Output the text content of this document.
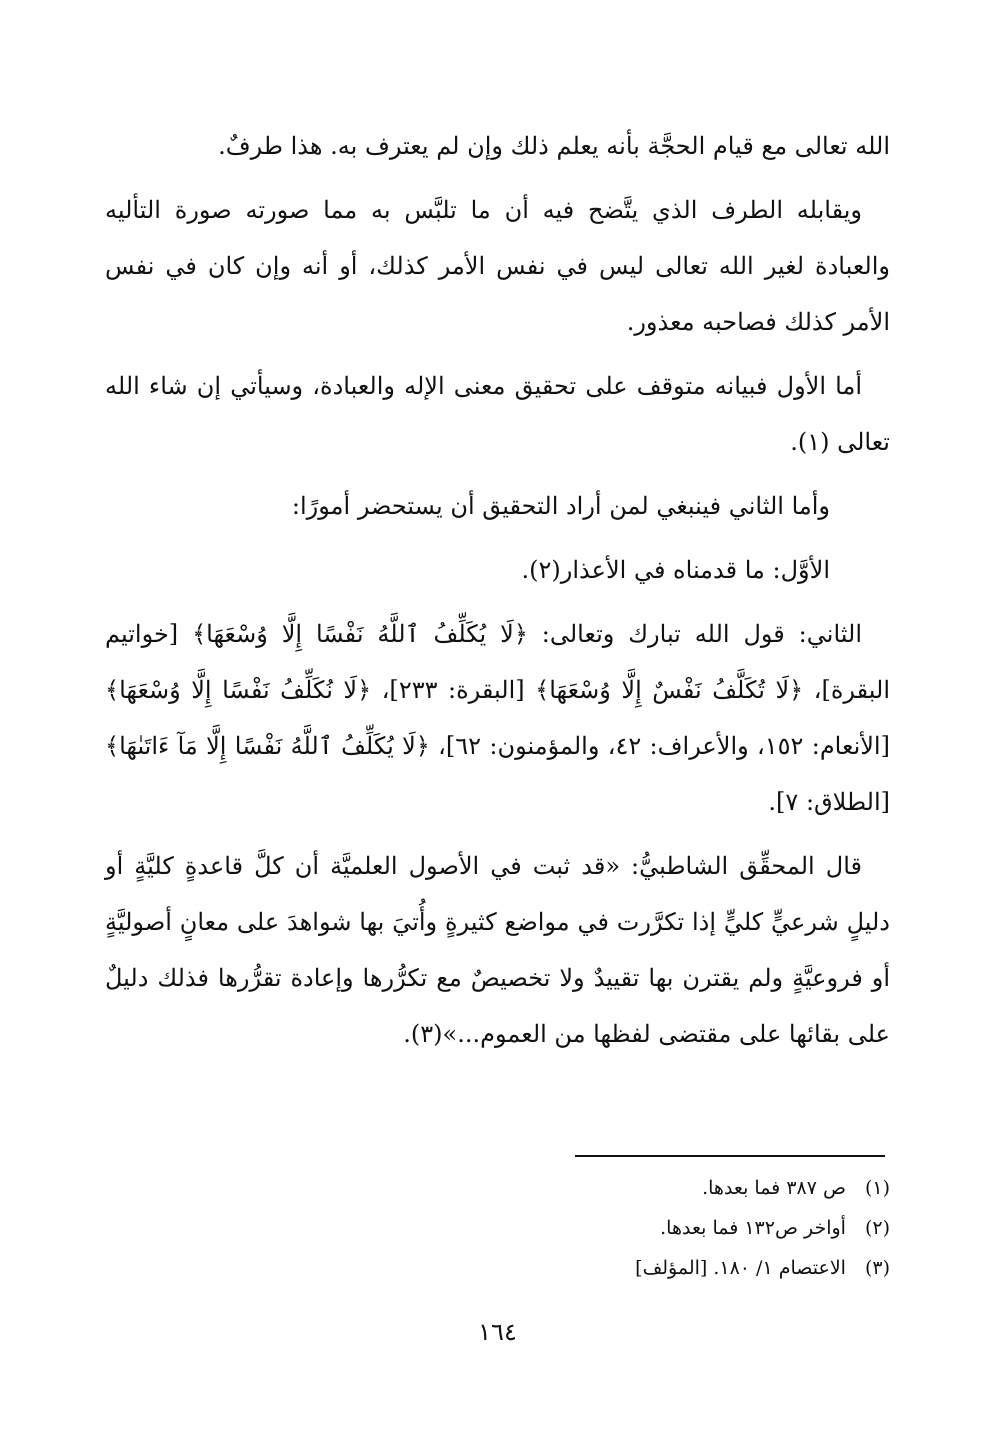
الله تعالى مع قيام الحجَّة بأنه يعلم ذلك وإن لم يعترف به. هذا طرفٌ.

ويقابله الطرف الذي يتَّضح فيه أن ما تلبَّس به مما صورته صورة التأليه والعبادة لغير الله تعالى ليس في نفس الأمر كذلك، أو أنه وإن كان في نفس الأمر كذلك فصاحبه معذور.

أما الأول فبيانه متوقف على تحقيق معنى الإله والعبادة، وسيأتي إن شاء الله تعالى (١).

وأما الثاني فينبغي لمن أراد التحقيق أن يستحضر أمورًا:

الأوَّل: ما قدمناه في الأعذار(٢).

الثاني: قول الله تبارك وتعالى: ﴿لَا يُكَلِّفُ ٱللَّهُ نَفْسًا إِلَّا وُسْعَهَا﴾ [خواتيم البقرة]، ﴿لَا تُكَلَّفُ نَفْسٌ إِلَّا وُسْعَهَا﴾ [البقرة: ٢٣٣]، ﴿لَا نُكَلِّفُ نَفْسًا إِلَّا وُسْعَهَا﴾ [الأنعام: ١٥٢، والأعراف: ٤٢، والمؤمنون: ٦٢]، ﴿لَا يُكَلِّفُ ٱللَّهُ نَفْسًا إِلَّا مَآ ءَاتَىٰهَا﴾ [الطلاق: ٧].

قال المحقِّق الشاطبيُّ: «قد ثبت في الأصول العلميَّة أن كلَّ قاعدةٍ كليَّةٍ أو دليلٍ شرعيٍّ كليٍّ إذا تكرَّرت في مواضع كثيرةٍ وأُتيَ بها شواهدَ على معانٍ أصوليَّةٍ أو فروعيَّةٍ ولم يقترن بها تقييدٌ ولا تخصيصٌ مع تكرُّرها وإعادة تقرُّرها فذلك دليلٌ على بقائها على مقتضى لفظها من العموم...»(٣).

(١) ص ٣٨٧ فما بعدها.
(٢) أواخر ص١٣٢ فما بعدها.
(٣) الاعتصام ١/ ١٨٠. [المؤلف]
١٦٤
